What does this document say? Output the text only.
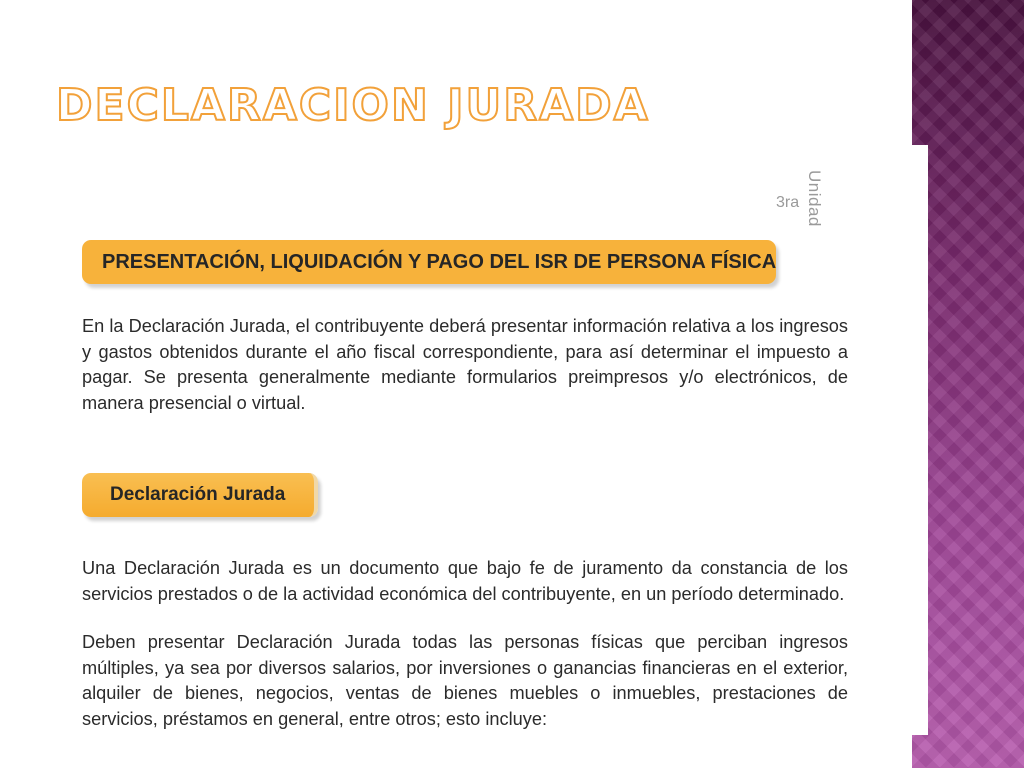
DECLARACION JURADA
Unidad
3ra
PRESENTACIÓN, LIQUIDACIÓN Y PAGO DEL ISR DE PERSONA FÍSICA

En la Declaración Jurada, el contribuyente deberá presentar información relativa a los ingresos y gastos obtenidos durante el año fiscal correspondiente, para así determinar el impuesto a pagar. Se presenta generalmente mediante formularios preimpresos y/o electrónicos, de manera presencial o virtual.

Declaración Jurada

Una Declaración Jurada es un documento que bajo fe de juramento da constancia de los servicios prestados o de la actividad económica del contribuyente, en un período determinado.

Deben presentar Declaración Jurada todas las personas físicas que perciban ingresos múltiples, ya sea por diversos salarios, por inversiones o ganancias financieras en el exterior, alquiler de bienes, negocios, ventas de bienes muebles o inmuebles, prestaciones de servicios, préstamos en general, entre otros; esto incluye:
